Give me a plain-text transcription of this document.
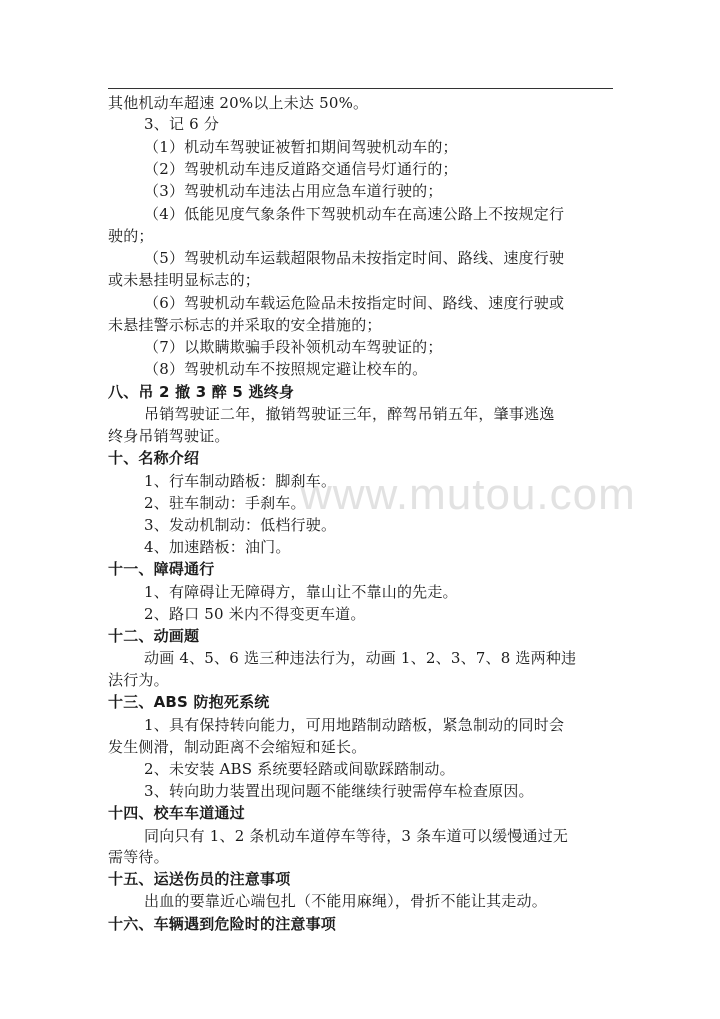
www.mutou.com
其他机动车超速 20%以上未达 50%。
3、记 6 分
（1）机动车驾驶证被暂扣期间驾驶机动车的；
（2）驾驶机动车违反道路交通信号灯通行的；
（3）驾驶机动车违法占用应急车道行驶的；
（4）低能见度气象条件下驾驶机动车在高速公路上不按规定行
驶的；
（5）驾驶机动车运载超限物品未按指定时间、路线、速度行驶
或未悬挂明显标志的；
（6）驾驶机动车载运危险品未按指定时间、路线、速度行驶或
未悬挂警示标志的并采取的安全措施的；
（7）以欺瞒欺骗手段补领机动车驾驶证的；
（8）驾驶机动车不按照规定避让校车的。
八、吊 2 撤 3 醉 5 逃终身
吊销驾驶证二年，撤销驾驶证三年，醉驾吊销五年，肇事逃逸
终身吊销驾驶证。
十、名称介绍
1、行车制动踏板：脚刹车。
2、驻车制动：手刹车。
3、发动机制动：低档行驶。
4、加速踏板：油门。
十一、障碍通行
1、有障碍让无障碍方，靠山让不靠山的先走。
2、路口 50 米内不得变更车道。
十二、动画题
动画 4、5、6 选三种违法行为，动画 1、2、3、7、8 选两种违
法行为。
十三、ABS 防抱死系统
1、具有保持转向能力，可用地踏制动踏板，紧急制动的同时会
发生侧滑，制动距离不会缩短和延长。
2、未安装 ABS 系统要轻踏或间歇踩踏制动。
3、转向助力装置出现问题不能继续行驶需停车检查原因。
十四、校车车道通过
同向只有 1、2 条机动车道停车等待，3 条车道可以缓慢通过无
需等待。
十五、运送伤员的注意事项
出血的要靠近心端包扎（不能用麻绳），骨折不能让其走动。
十六、车辆遇到危险时的注意事项
